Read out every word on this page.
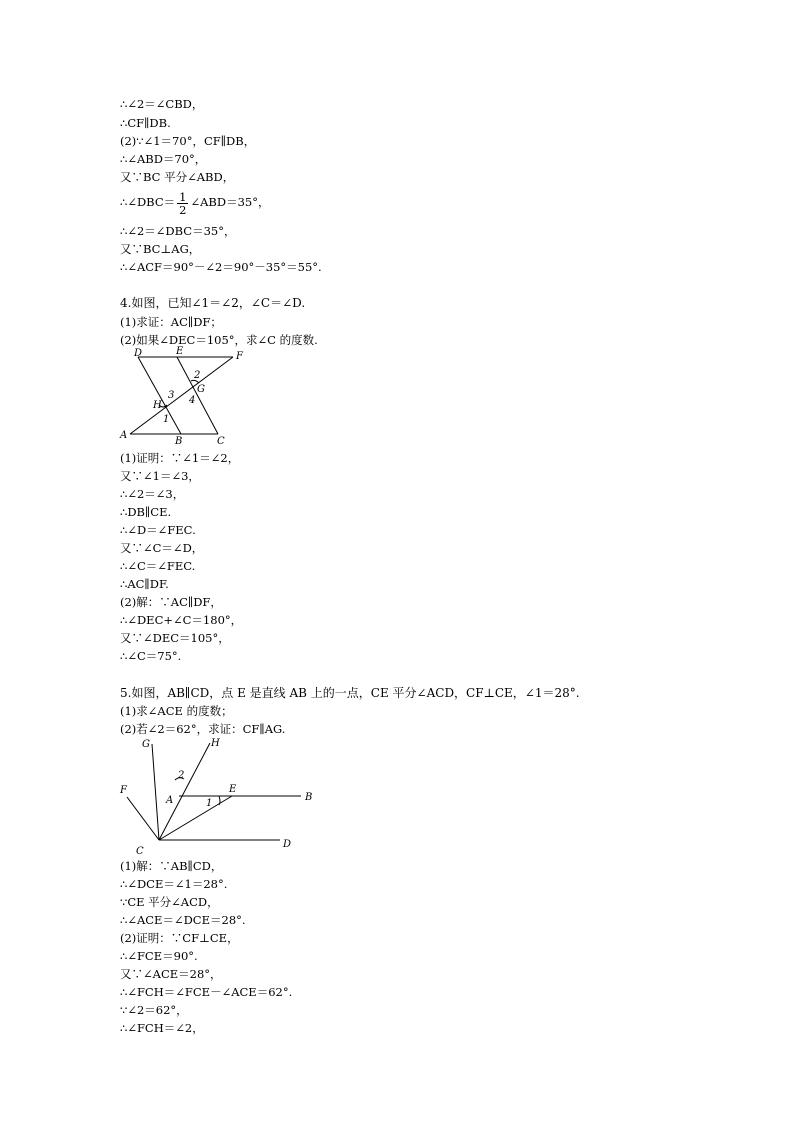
∴∠2＝∠CBD，
∴CF∥DB.
(2)∵∠1＝70°，CF∥DB，
∴∠ABD＝70°，
又∵BC 平分∠ABD，
∴∠DBC＝ $\frac{1}{2}$ ∠ABD＝35°，
∴∠2＝∠DBC＝35°，
又∵BC⊥AG，
∴∠ACF＝90°－∠2＝90°－35°＝55°.
4.如图，已知∠1＝∠2，∠C＝∠D.
(1)求证：AC∥DF；
(2)如果∠DEC＝105°，求∠C 的度数.
D	E	F
G
H
A
B	C
1
2
3 4
(1)证明：∵∠1＝∠2，
又∵∠1＝∠3，
∴∠2＝∠3，
∴DB∥CE.
∴∠D＝∠FEC.
又∵∠C＝∠D，
∴∠C＝∠FEC.
∴AC∥DF.
(2)解：∵AC∥DF，
∴∠DEC+∠C＝180°，
又∵∠DEC＝105°，
∴∠C＝75°.
5.如图，AB∥CD，点 E 是直线 AB 上的一点，CE 平分∠ACD，CF⊥CE，∠1＝28°.
(1)求∠ACE 的度数；
(2)若∠2＝62°，求证：CF∥AG.
G	H
F
A
E
B
C
D
1
2
(1)解：∵AB∥CD，
∴∠DCE＝∠1＝28°.
∵CE 平分∠ACD，
∴∠ACE＝∠DCE＝28°.
(2)证明：∵CF⊥CE，
∴∠FCE＝90°.
又∵∠ACE＝28°，
∴∠FCH＝∠FCE－∠ACE＝62°.
∵∠2＝62°，
∴∠FCH＝∠2，
